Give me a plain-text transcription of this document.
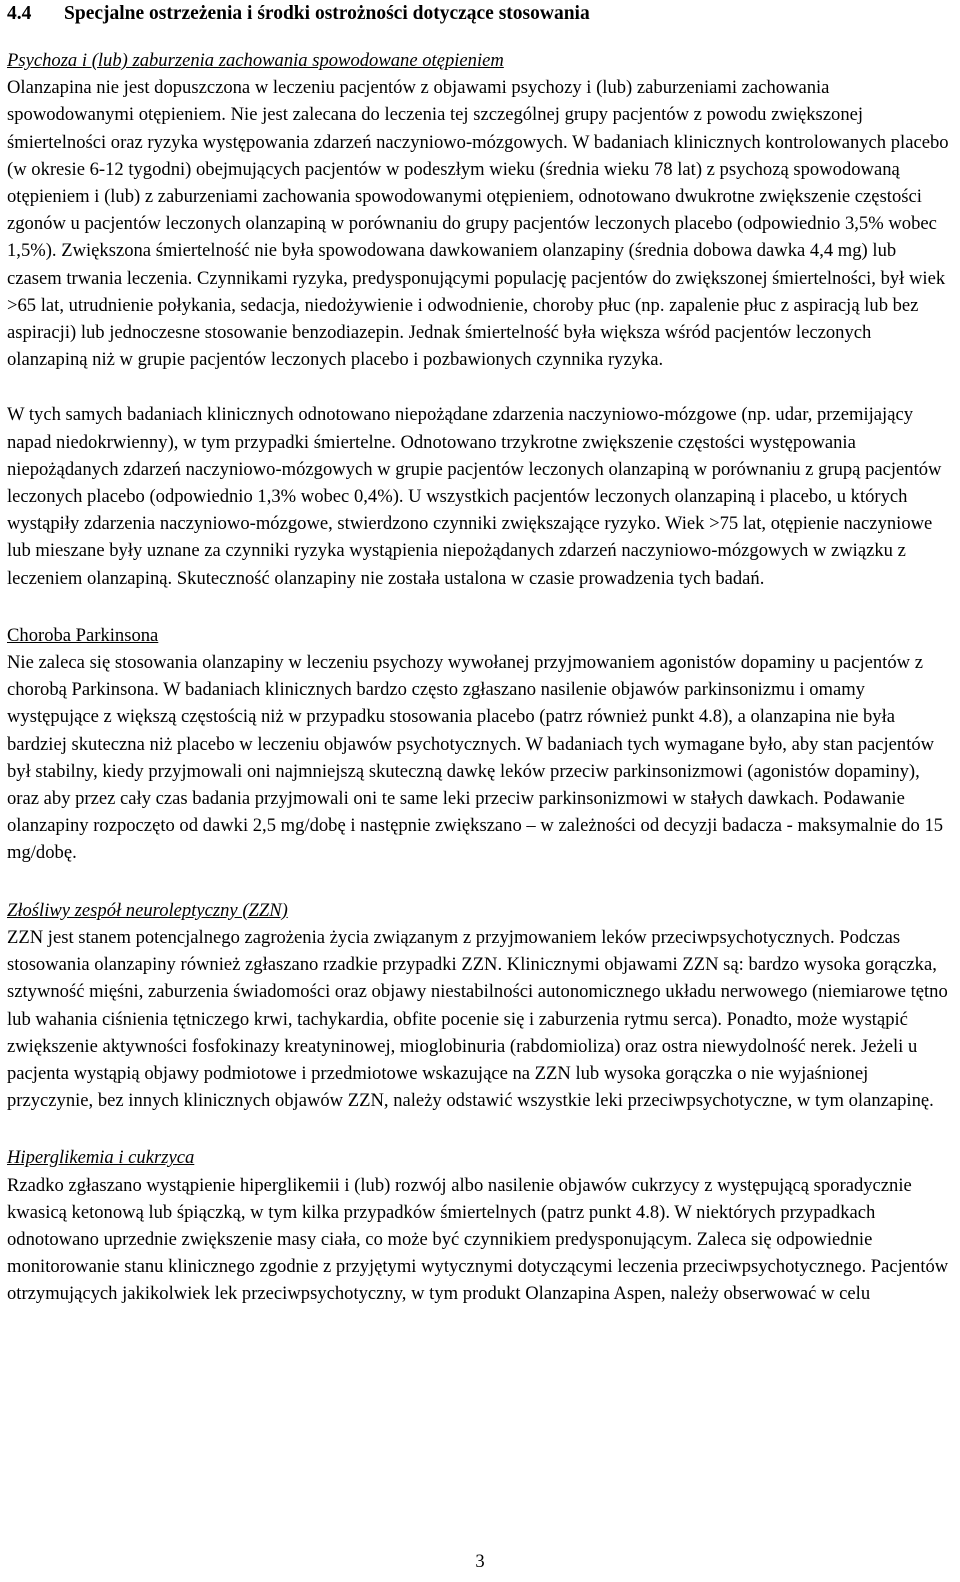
4.4	Specjalne ostrzeżenia i środki ostrożności dotyczące stosowania
Psychoza i (lub) zaburzenia zachowania spowodowane otępieniem

Olanzapina nie jest dopuszczona w leczeniu pacjentów z objawami psychozy i (lub) zaburzeniami zachowania spowodowanymi otępieniem. Nie jest zalecana do leczenia tej szczególnej grupy pacjentów z powodu zwiększonej śmiertelności oraz ryzyka występowania zdarzeń naczyniowo-mózgowych. W badaniach klinicznych kontrolowanych placebo (w okresie 6-12 tygodni) obejmujących pacjentów w podeszłym wieku (średnia wieku 78 lat) z psychozą spowodowaną otępieniem i (lub) z zaburzeniami zachowania spowodowanymi otępieniem, odnotowano dwukrotne zwiększenie częstości zgonów u pacjentów leczonych olanzapiną w porównaniu do grupy pacjentów leczonych placebo (odpowiednio 3,5% wobec 1,5%). Zwiększona śmiertelność nie była spowodowana dawkowaniem olanzapiny (średnia dobowa dawka 4,4 mg) lub czasem trwania leczenia. Czynnikami ryzyka, predysponującymi populację pacjentów do zwiększonej śmiertelności, był wiek >65 lat, utrudnienie połykania, sedacja, niedożywienie i odwodnienie, choroby płuc (np. zapalenie płuc z aspiracją lub bez aspiracji) lub jednoczesne stosowanie benzodiazepin. Jednak śmiertelność była większa wśród pacjentów leczonych olanzapiną niż w grupie pacjentów leczonych placebo i pozbawionych czynnika ryzyka.

W tych samych badaniach klinicznych odnotowano niepożądane zdarzenia naczyniowo-mózgowe (np. udar, przemijający napad niedokrwienny), w tym przypadki śmiertelne. Odnotowano trzykrotne zwiększenie częstości występowania niepożądanych zdarzeń naczyniowo-mózgowych w grupie pacjentów leczonych olanzapiną w porównaniu z grupą pacjentów leczonych placebo (odpowiednio 1,3% wobec 0,4%). U wszystkich pacjentów leczonych olanzapiną i placebo, u których wystąpiły zdarzenia naczyniowo-mózgowe, stwierdzono czynniki zwiększające ryzyko. Wiek >75 lat, otępienie naczyniowe lub mieszane były uznane za czynniki ryzyka wystąpienia niepożądanych zdarzeń naczyniowo-mózgowych w związku z leczeniem olanzapiną. Skuteczność olanzapiny nie została ustalona w czasie prowadzenia tych badań.

Choroba Parkinsona

Nie zaleca się stosowania olanzapiny w leczeniu psychozy wywołanej przyjmowaniem agonistów dopaminy u pacjentów z chorobą Parkinsona. W badaniach klinicznych bardzo często zgłaszano nasilenie objawów parkinsonizmu i omamy występujące z większą częstością niż w przypadku stosowania placebo (patrz również punkt 4.8), a olanzapina nie była bardziej skuteczna niż placebo w leczeniu objawów psychotycznych. W badaniach tych wymagane było, aby stan pacjentów był stabilny, kiedy przyjmowali oni najmniejszą skuteczną dawkę leków przeciw parkinsonizmowi (agonistów dopaminy), oraz aby przez cały czas badania przyjmowali oni te same leki przeciw parkinsonizmowi w stałych dawkach. Podawanie olanzapiny rozpoczęto od dawki 2,5 mg/dobę i następnie zwiększano – w zależności od decyzji badacza - maksymalnie do 15 mg/dobę.

Złośliwy zespół neuroleptyczny (ZZN)

ZZN jest stanem potencjalnego zagrożenia życia związanym z przyjmowaniem leków przeciwpsychotycznych. Podczas stosowania olanzapiny również zgłaszano rzadkie przypadki ZZN. Klinicznymi objawami ZZN są: bardzo wysoka gorączka, sztywność mięśni, zaburzenia świadomości oraz objawy niestabilności autonomicznego układu nerwowego (niemiarowe tętno lub wahania ciśnienia tętniczego krwi, tachykardia, obfite pocenie się i zaburzenia rytmu serca). Ponadto, może wystąpić zwiększenie aktywności fosfokinazy kreatyninowej, mioglobinuria (rabdomioliza) oraz ostra niewydolność nerek. Jeżeli u pacjenta wystąpią objawy podmiotowe i przedmiotowe wskazujące na ZZN lub wysoka gorączka o nie wyjaśnionej przyczynie, bez innych klinicznych objawów ZZN, należy odstawić wszystkie leki przeciwpsychotyczne, w tym olanzapinę.

Hiperglikemia i cukrzyca

Rzadko zgłaszano wystąpienie hiperglikemii i (lub) rozwój albo nasilenie objawów cukrzycy z występującą sporadycznie kwasicą ketonową lub śpiączką, w tym kilka przypadków śmiertelnych (patrz punkt 4.8). W niektórych przypadkach odnotowano uprzednie zwiększenie masy ciała, co może być czynnikiem predysponującym. Zaleca się odpowiednie monitorowanie stanu klinicznego zgodnie z przyjętymi wytycznymi dotyczącymi leczenia przeciwpsychotycznego. Pacjentów otrzymujących jakikolwiek lek przeciwpsychotyczny, w tym produkt Olanzapina Aspen, należy obserwować w celu

3
